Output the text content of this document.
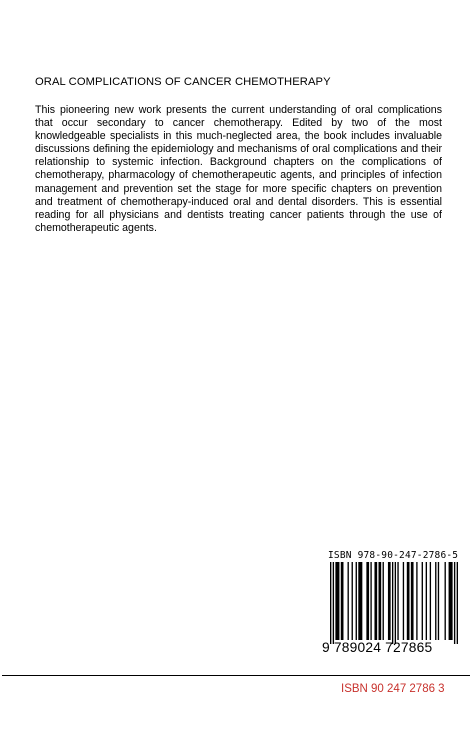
ORAL COMPLICATIONS OF CANCER CHEMOTHERAPY

This pioneering new work presents the current understanding of oral complications that occur secondary to cancer chemotherapy. Edited by two of the most knowledgeable specialists in this much-neglected area, the book includes invaluable discussions defining the epidemiology and mechanisms of oral complications and their relationship to systemic infection. Background chapters on the complications of chemotherapy, pharmacology of chemotherapeutic agents, and principles of infection management and prevention set the stage for more specific chapters on prevention and treatment of chemotherapy-induced oral and dental disorders. This is essential reading for all physicians and dentists treating cancer patients through the use of chemotherapeutic agents.

ISBN 978-90-247-2786-5
9 789024 727865
ISBN 90 247 2786 3
